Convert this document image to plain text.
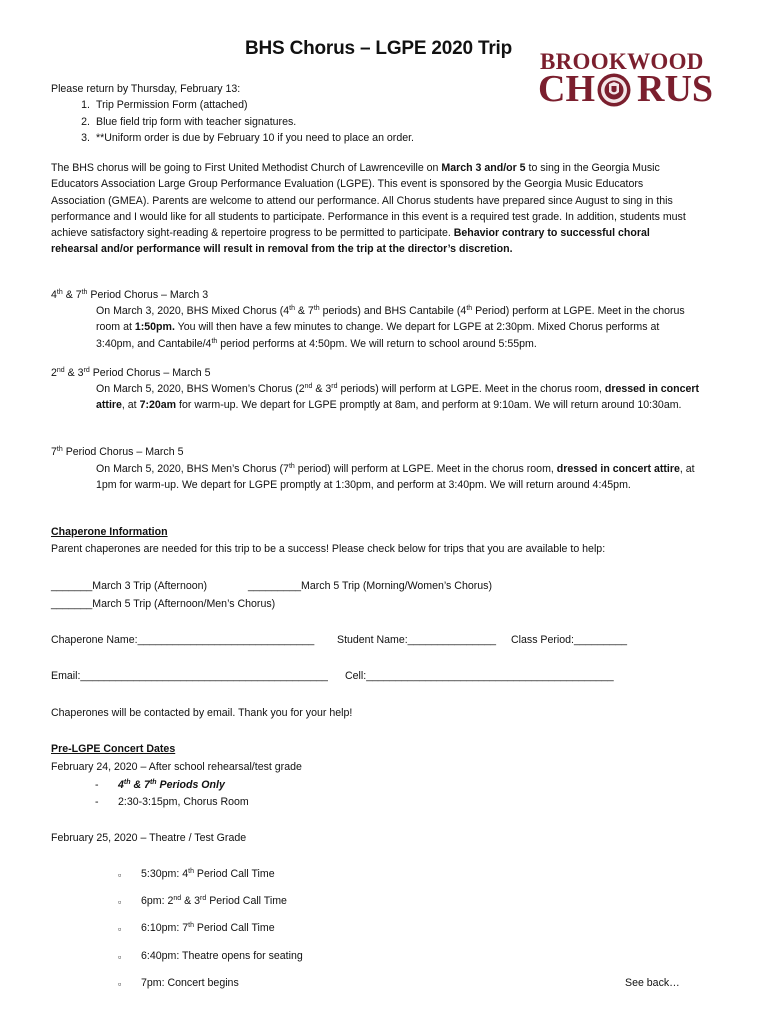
BHS Chorus – LGPE 2020 Trip
BROOKWOOD
CH RUS
Please return by Thursday, February 13:
1. Trip Permission Form (attached)
2. Blue field trip form with teacher signatures.
3. **Uniform order is due by February 10 if you need to place an order.
The BHS chorus will be going to First United Methodist Church of Lawrenceville on March 3 and/or 5 to sing in the Georgia Music Educators Association Large Group Performance Evaluation (LGPE). This event is sponsored by the Georgia Music Educators Association (GMEA). Parents are welcome to attend our performance. All Chorus students have prepared since August to sing in this performance and I would like for all students to participate. Performance in this event is a required test grade. In addition, students must achieve satisfactory sight-reading & repertoire progress to be permitted to participate. Behavior contrary to successful choral rehearsal and/or performance will result in removal from the trip at the director’s discretion.
4th & 7th Period Chorus – March 3
On March 3, 2020, BHS Mixed Chorus (4th & 7th periods) and BHS Cantabile (4th Period) perform at LGPE. Meet in the chorus room at 1:50pm. You will then have a few minutes to change. We depart for LGPE at 2:30pm. Mixed Chorus performs at 3:40pm, and Cantabile/4th period performs at 4:50pm. We will return to school around 5:55pm.
2nd & 3rd Period Chorus – March 5
On March 5, 2020, BHS Women’s Chorus (2nd & 3rd periods) will perform at LGPE. Meet in the chorus room, dressed in concert attire, at 7:20am for warm-up. We depart for LGPE promptly at 8am, and perform at 9:10am. We will return around 10:30am.
7th Period Chorus – March 5
On March 5, 2020, BHS Men’s Chorus (7th period) will perform at LGPE. Meet in the chorus room, dressed in concert attire, at 1pm for warm-up. We depart for LGPE promptly at 1:30pm, and perform at 3:40pm. We will return around 4:45pm.
Chaperone Information
Parent chaperones are needed for this trip to be a success! Please check below for trips that you are available to help:
_______March 3 Trip (Afternoon)	_________March 5 Trip (Morning/Women’s Chorus)
_______March 5 Trip (Afternoon/Men’s Chorus)
Chaperone Name:______________________________ Student Name:_______________ Class Period:_________
Email:__________________________________________ Cell:__________________________________________
Chaperones will be contacted by email. Thank you for your help!
Pre-LGPE Concert Dates
February 24, 2020 – After school rehearsal/test grade
- 4th & 7th Periods Only
- 2:30-3:15pm, Chorus Room
February 25, 2020 – Theatre / Test Grade
▫ 5:30pm: 4th Period Call Time
▫ 6pm: 2nd & 3rd Period Call Time
▫ 6:10pm: 7th Period Call Time
▫ 6:40pm: Theatre opens for seating
▫ 7pm: Concert begins	See back…
